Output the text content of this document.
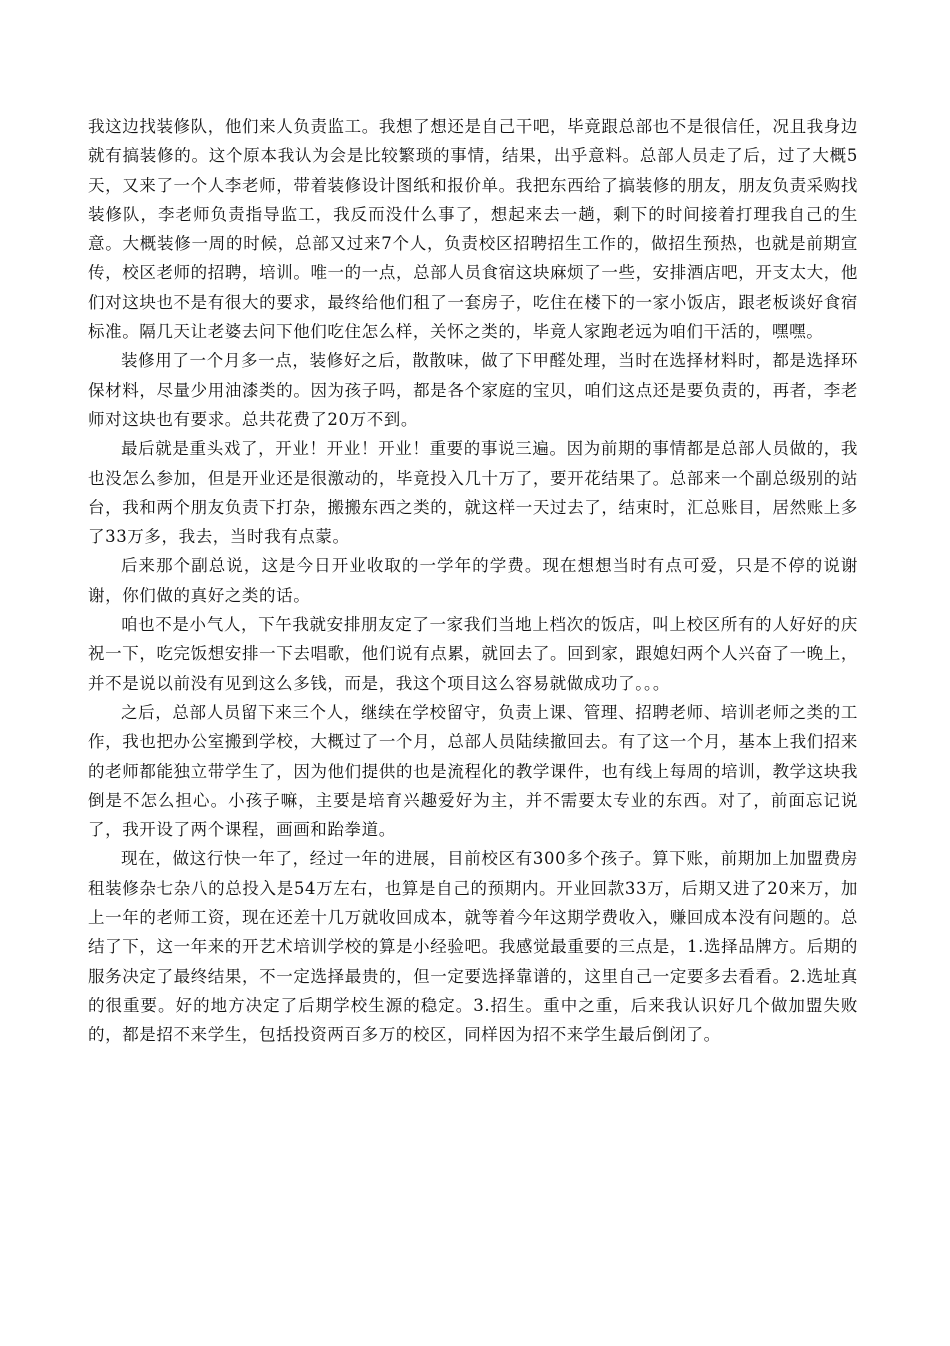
我这边找装修队，他们来人负责监工。我想了想还是自己干吧，毕竟跟总部也不是很信任，况且我身边就有搞装修的。这个原本我认为会是比较繁琐的事情，结果，出乎意料。总部人员走了后，过了大概5天，又来了一个人李老师，带着装修设计图纸和报价单。我把东西给了搞装修的朋友，朋友负责采购找装修队，李老师负责指导监工，我反而没什么事了，想起来去一趟，剩下的时间接着打理我自己的生意。大概装修一周的时候，总部又过来7个人，负责校区招聘招生工作的，做招生预热，也就是前期宣传，校区老师的招聘，培训。唯一的一点，总部人员食宿这块麻烦了一些，安排酒店吧，开支太大，他们对这块也不是有很大的要求，最终给他们租了一套房子，吃住在楼下的一家小饭店，跟老板谈好食宿标准。隔几天让老婆去问下他们吃住怎么样，关怀之类的，毕竟人家跑老远为咱们干活的，嘿嘿。

装修用了一个月多一点，装修好之后，散散味，做了下甲醛处理，当时在选择材料时，都是选择环保材料，尽量少用油漆类的。因为孩子吗，都是各个家庭的宝贝，咱们这点还是要负责的，再者，李老师对这块也有要求。总共花费了20万不到。

最后就是重头戏了，开业！开业！开业！重要的事说三遍。因为前期的事情都是总部人员做的，我也没怎么参加，但是开业还是很激动的，毕竟投入几十万了，要开花结果了。总部来一个副总级别的站台，我和两个朋友负责下打杂，搬搬东西之类的，就这样一天过去了，结束时，汇总账目，居然账上多了33万多，我去，当时我有点蒙。

后来那个副总说，这是今日开业收取的一学年的学费。现在想想当时有点可爱，只是不停的说谢谢，你们做的真好之类的话。

咱也不是小气人，下午我就安排朋友定了一家我们当地上档次的饭店，叫上校区所有的人好好的庆祝一下，吃完饭想安排一下去唱歌，他们说有点累，就回去了。回到家，跟媳妇两个人兴奋了一晚上，并不是说以前没有见到这么多钱，而是，我这个项目这么容易就做成功了。。。

之后，总部人员留下来三个人，继续在学校留守，负责上课、管理、招聘老师、培训老师之类的工作，我也把办公室搬到学校，大概过了一个月，总部人员陆续撤回去。有了这一个月，基本上我们招来的老师都能独立带学生了，因为他们提供的也是流程化的教学课件，也有线上每周的培训，教学这块我倒是不怎么担心。小孩子嘛，主要是培育兴趣爱好为主，并不需要太专业的东西。对了，前面忘记说了，我开设了两个课程，画画和跆拳道。

现在，做这行快一年了，经过一年的进展，目前校区有300多个孩子。算下账，前期加上加盟费房租装修杂七杂八的总投入是54万左右，也算是自己的预期内。开业回款33万，后期又进了20来万，加上一年的老师工资，现在还差十几万就收回成本，就等着今年这期学费收入，赚回成本没有问题的。总结了下，这一年来的开艺术培训学校的算是小经验吧。我感觉最重要的三点是，1.选择品牌方。后期的服务决定了最终结果，不一定选择最贵的，但一定要选择靠谱的，这里自己一定要多去看看。2.选址真的很重要。好的地方决定了后期学校生源的稳定。3.招生。重中之重，后来我认识好几个做加盟失败的，都是招不来学生，包括投资两百多万的校区，同样因为招不来学生最后倒闭了。
